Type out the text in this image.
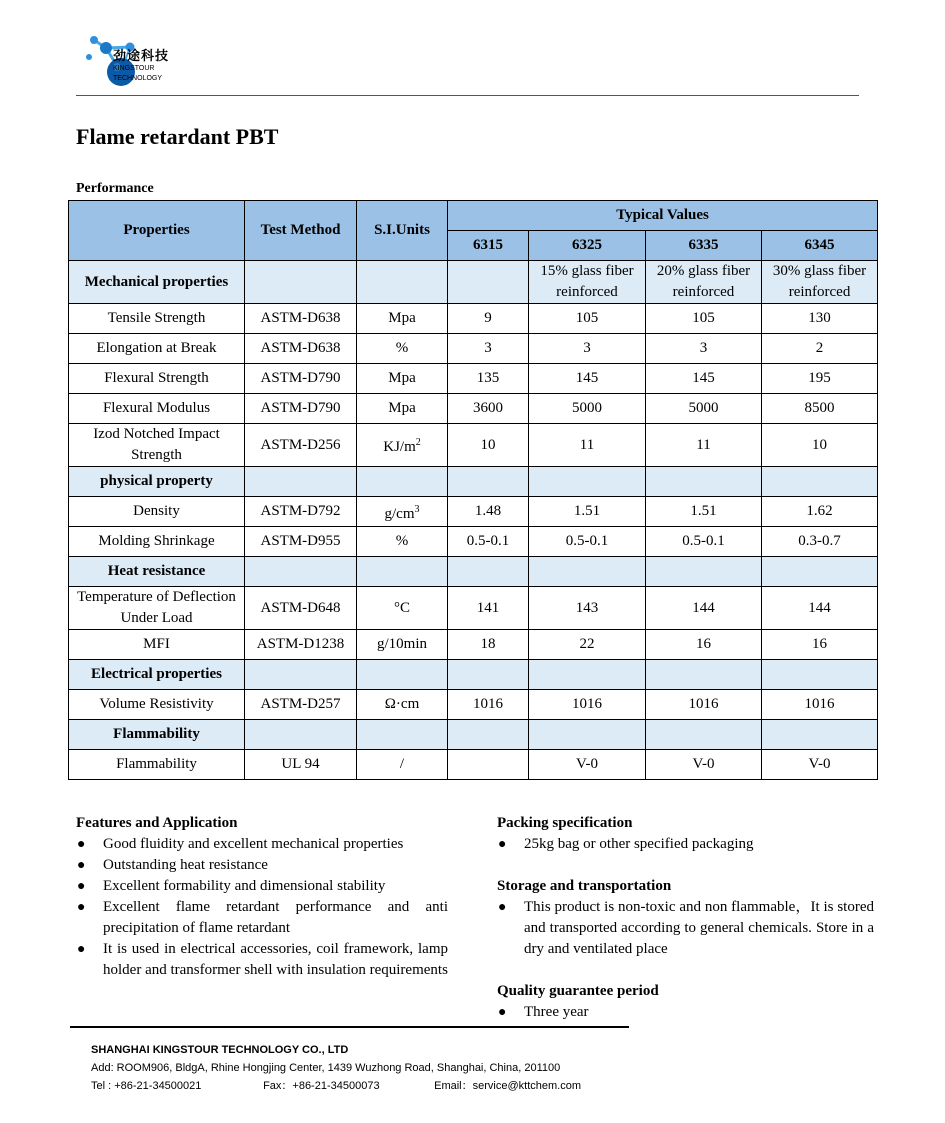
劲途科技
KINGSTOUR
TECHNOLOGY
Flame retardant PBT
Performance
Properties	Test Method	S.I.Units	Typical Values			
			6315	6325	6335	6345
Mechanical properties				15% glass fiber reinforced	20% glass fiber reinforced	30% glass fiber reinforced
Tensile Strength	ASTM-D638	Mpa	9	105	105	130
Elongation at Break	ASTM-D638	%	3	3	3	2
Flexural Strength	ASTM-D790	Mpa	135	145	145	195
Flexural Modulus	ASTM-D790	Mpa	3600	5000	5000	8500
Izod Notched Impact Strength	ASTM-D256	$KJ/m^2$	10	11	11	10
physical property						
Density	ASTM-D792	$g/cm^3$	1.48	1.51	1.51	1.62
Molding Shrinkage	ASTM-D955	%	0.5-0.1	0.5-0.1	0.5-0.1	0.3-0.7
Heat resistance						
Temperature of Deflection Under Load	ASTM-D648	°C	141	143	144	144
MFI	ASTM-D1238	g/10min	18	22	16	16
Electrical properties						
Volume Resistivity	ASTM-D257	Ω·cm	1016	1016	1016	1016
Flammability						
Flammability	UL 94	/		V-0	V-0	V-0
Features and Application
● Good fluidity and excellent mechanical properties
● Outstanding heat resistance
● Excellent formability and dimensional stability
● Excellent flame retardant performance and anti precipitation of flame retardant
● It is used in electrical accessories, coil framework, lamp holder and transformer shell with insulation requirements
Packing specification
● 25kg bag or other specified packaging
Storage and transportation
● This product is non-toxic and non flammable，It is stored and transported according to general chemicals. Store in a dry and ventilated place
Quality guarantee period
● Three year
SHANGHAI KINGSTOUR TECHNOLOGY CO., LTD
Add: ROOM906, BldgA, Rhine Hongjing Center, 1439 Wuzhong Road, Shanghai, China, 201100
Tel : +86-21-34500021	Fax：+86-21-34500073	Email：service@kttchem.com
